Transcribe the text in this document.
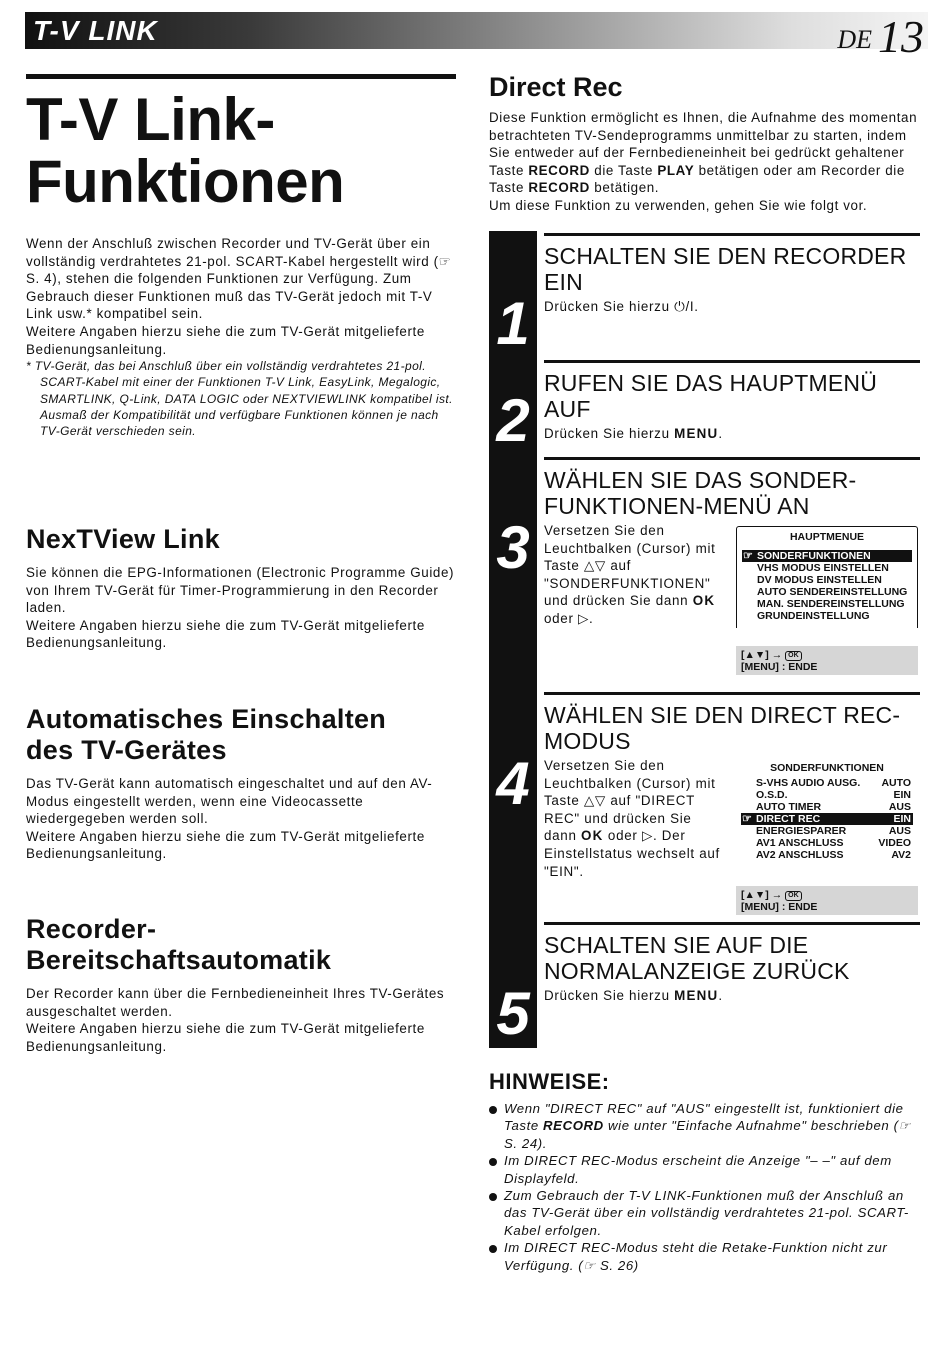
T-V LINK	DE 13
T-V Link-
Funktionen

Wenn der Anschluß zwischen Recorder und TV-Gerät über ein vollständig verdrahtetes 21-pol. SCART-Kabel hergestellt wird (☞ S. 4), stehen die folgenden Funktionen zur Verfügung. Zum Gebrauch dieser Funktionen muß das TV-Gerät jedoch mit T-V Link usw.* kompatibel sein.

Weitere Angaben hierzu siehe die zum TV-Gerät mitgelieferte Bedienungsanleitung.

* TV-Gerät, das bei Anschluß über ein vollständig verdrahtetes 21-pol. SCART-Kabel mit einer der Funktionen T-V Link, EasyLink, Megalogic, SMARTLINK, Q-Link, DATA LOGIC oder NEXTVIEWLINK kompatibel ist. Ausmaß der Kompatibilität und verfügbare Funktionen können je nach TV-Gerät verschieden sein.

NexTView Link

Sie können die EPG-Informationen (Electronic Programme Guide) von Ihrem TV-Gerät für Timer-Programmierung in den Recorder laden.

Weitere Angaben hierzu siehe die zum TV-Gerät mitgelieferte Bedienungsanleitung.

Automatisches Einschalten
des TV-Gerätes

Das TV-Gerät kann automatisch eingeschaltet und auf den AV-Modus eingestellt werden, wenn eine Videocassette wiedergegeben werden soll.

Weitere Angaben hierzu siehe die zum TV-Gerät mitgelieferte Bedienungsanleitung.

Recorder-
Bereitschaftsautomatik

Der Recorder kann über die Fernbedieneinheit Ihres TV-Gerätes ausgeschaltet werden.

Weitere Angaben hierzu siehe die zum TV-Gerät mitgelieferte Bedienungsanleitung.

Direct Rec
Diese Funktion ermöglicht es Ihnen, die Aufnahme des momentan betrachteten TV-Sendeprogramms unmittelbar zu starten, indem Sie entweder auf der Fernbedieneinheit bei gedrückt gehaltener Taste RECORD die Taste PLAY betätigen oder am Recorder die Taste RECORD betätigen.
Um diese Funktion zu verwenden, gehen Sie wie folgt vor.
1
2
3
4
5
SCHALTEN SIE DEN RECORDER
EIN
Drücken Sie hierzu ⏻/I.
RUFEN SIE DAS HAUPTMENÜ AUF
Drücken Sie hierzu MENU.
WÄHLEN SIE DAS SONDER-
FUNKTIONEN-MENÜ AN
Versetzen Sie den Leuchtbalken (Cursor) mit Taste △▽ auf "SONDERFUNKTIONEN" und drücken Sie dann OK oder ▷.
WÄHLEN SIE DEN DIRECT REC-
MODUS
Versetzen Sie den Leuchtbalken (Cursor) mit Taste △▽ auf "DIRECT REC" und drücken Sie dann OK oder ▷. Der Einstellstatus wechselt auf "EIN".
SCHALTEN SIE AUF DIE
NORMALANZEIGE ZURÜCK
Drücken Sie hierzu MENU.
HAUPTMENUE
☞ SONDERFUNKTIONEN
VHS MODUS EINSTELLEN
DV MODUS EINSTELLEN
AUTO SENDEREINSTELLUNG
MAN. SENDEREINSTELLUNG
GRUNDEINSTELLUNG
[▲▼] → OK
[MENU] : ENDE
SONDERFUNKTIONEN
S-VHS AUDIO AUSG. AUTO
O.S.D.	EIN
AUTO TIMER	AUS
☞ DIRECT REC	EIN
ENERGIESPARER	AUS
AV1 ANSCHLUSS	VIDEO
AV2 ANSCHLUSS	AV2
[▲▼] → OK
[MENU] : ENDE
HINWEISE:

Wenn "DIRECT REC" auf "AUS" eingestellt ist, funktioniert die Taste RECORD wie unter "Einfache Aufnahme" beschrieben (☞ S. 24).

Im DIRECT REC-Modus erscheint die Anzeige "– –" auf dem Displayfeld.

Zum Gebrauch der T-V LINK-Funktionen muß der Anschluß an das TV-Gerät über ein vollständig verdrahtetes 21-pol. SCART-Kabel erfolgen.

Im DIRECT REC-Modus steht die Retake-Funktion nicht zur Verfügung. (☞ S. 26)
